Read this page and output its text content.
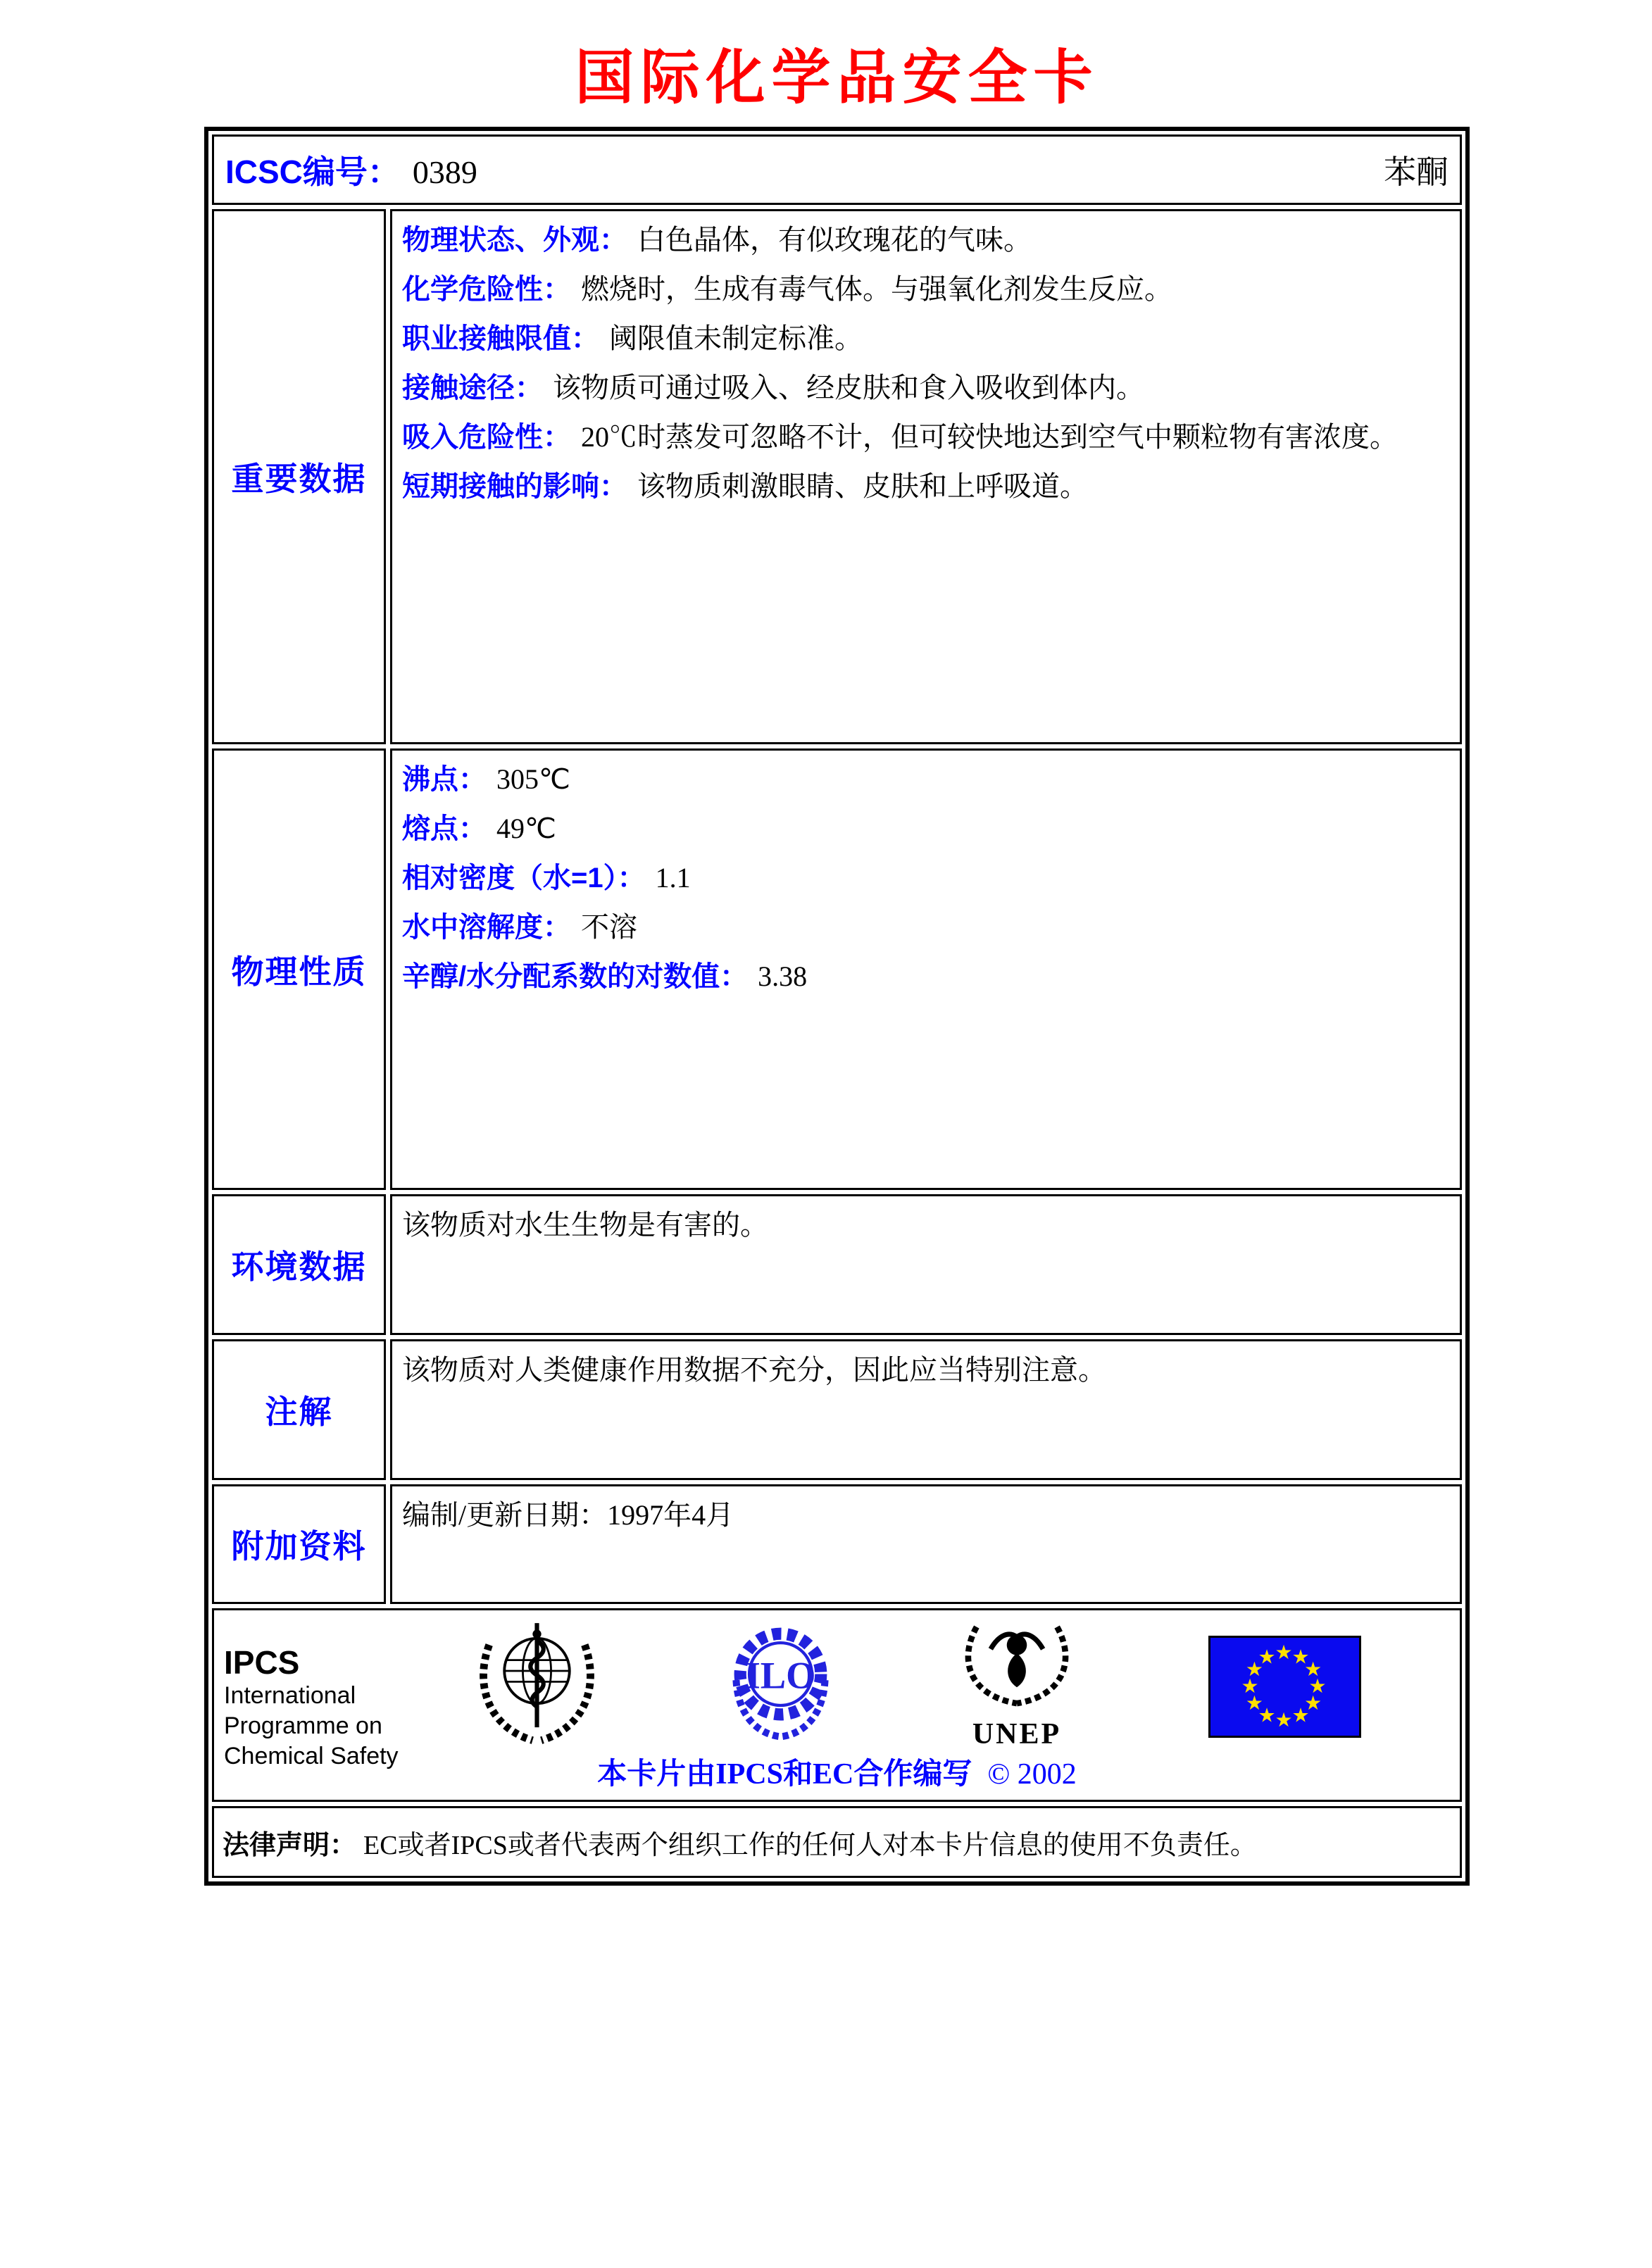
国际化学品安全卡
ICSC编号： 0389	苯酮
重要数据
物理状态、外观： 白色晶体，有似玫瑰花的气味。
化学危险性： 燃烧时，生成有毒气体。与强氧化剂发生反应。
职业接触限值： 阈限值未制定标准。
接触途径： 该物质可通过吸入、经皮肤和食入吸收到体内。
吸入危险性： 20℃时蒸发可忽略不计，但可较快地达到空气中颗粒物有害浓度。
短期接触的影响： 该物质刺激眼睛、皮肤和上呼吸道。
物理性质
沸点： 305℃
熔点： 49℃
相对密度（水=1）： 1.1
水中溶解度： 不溶
辛醇/水分配系数的对数值： 3.38
环境数据
该物质对水生生物是有害的。
注解
该物质对人类健康作用数据不充分，因此应当特别注意。
附加资料
编制/更新日期：1997年4月
IPCS
International
Programme on
Chemical Safety
ILO
UNEP
本卡片由IPCS和EC合作编写 © 2002
法律声明： EC或者IPCS或者代表两个组织工作的任何人对本卡片信息的使用不负责任。
